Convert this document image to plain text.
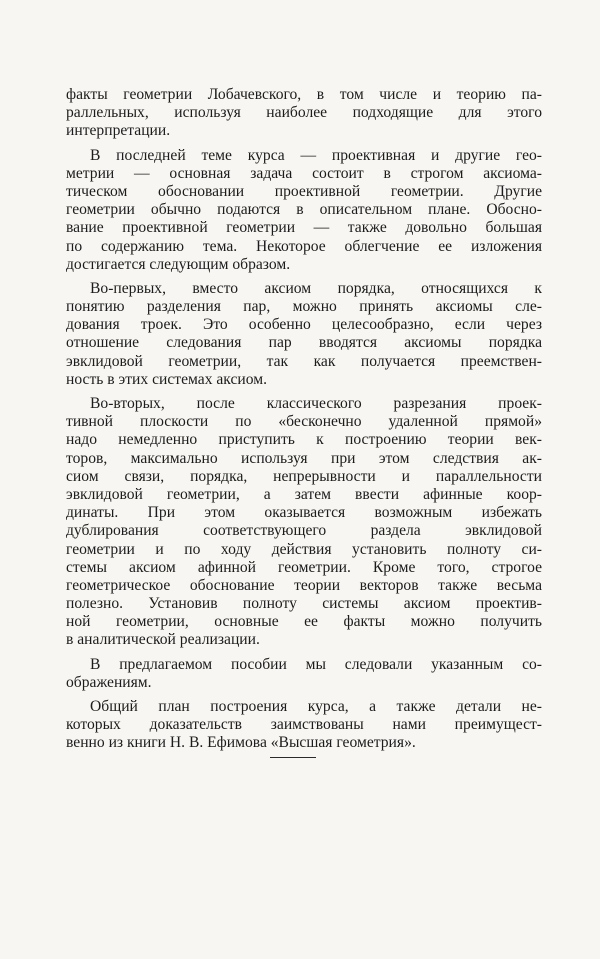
факты геометрии Лобачевского, в том числе и теорию па-
раллельных, используя наиболее подходящие для этого
интерпретации.
В последней теме курса — проективная и другие гео-
метрии — основная задача состоит в строгом аксиома-
тическом обосновании проективной геометрии. Другие
геометрии обычно подаются в описательном плане. Обосно-
вание проективной геометрии — также довольно большая
по содержанию тема. Некоторое облегчение ее изложения
достигается следующим образом.
Во-первых, вместо аксиом порядка, относящихся к
понятию разделения пар, можно принять аксиомы сле-
дования троек. Это особенно целесообразно, если через
отношение следования пар вводятся аксиомы порядка
эвклидовой геометрии, так как получается преемствен-
ность в этих системах аксиом.
Во-вторых, после классического разрезания проек-
тивной плоскости по «бесконечно удаленной прямой»
надо немедленно приступить к построению теории век-
торов, максимально используя при этом следствия ак-
сиом связи, порядка, непрерывности и параллельности
эвклидовой геометрии, а затем ввести афинные коор-
динаты. При этом оказывается возможным избежать
дублирования соответствующего раздела эвклидовой
геометрии и по ходу действия установить полноту си-
стемы аксиом афинной геометрии. Кроме того, строгое
геометрическое обоснование теории векторов также весьма
полезно. Установив полноту системы аксиом проектив-
ной геометрии, основные ее факты можно получить
в аналитической реализации.
В предлагаемом пособии мы следовали указанным со-
ображениям.
Общий план построения курса, а также детали не-
которых доказательств заимствованы нами преимущест-
венно из книги Н. В. Ефимова «Высшая геометрия».
